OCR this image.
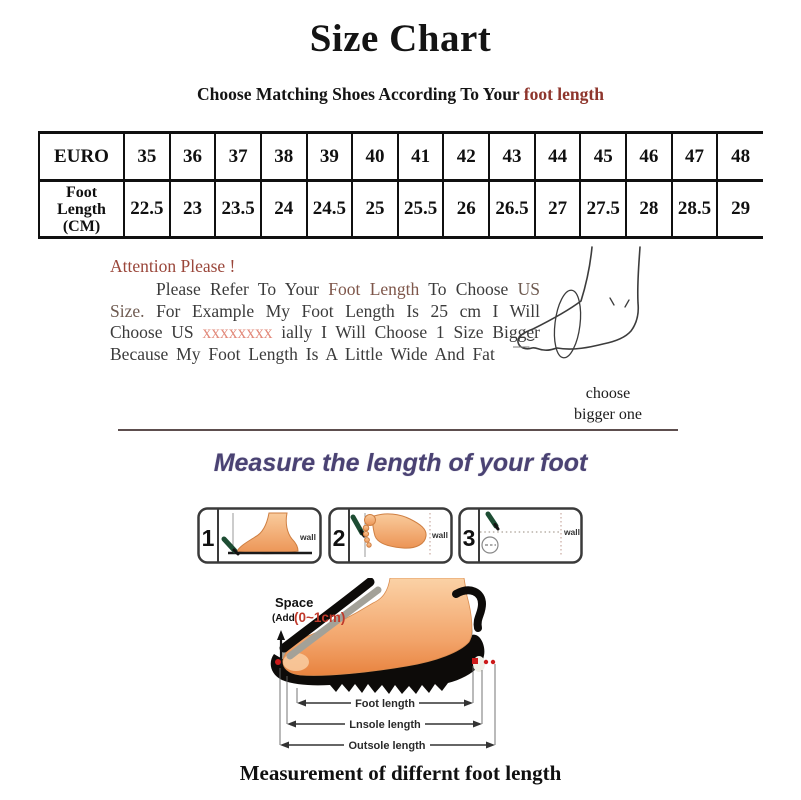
Size Chart
Choose Matching Shoes According To Your foot length
EURO	35	36	37	38	39	40	41	42	43	44	45	46	47	48

Foot
Length
(CM)	22.5	23	23.5	24	24.5	25	25.5	26	26.5	27	27.5	28	28.5	29

Attention Please !

Please Refer To Your Foot Length To Choose US Size. For Example My Foot Length Is 25 cm I Will Choose US xxxxxxxx ially I Will Choose 1 Size Bigger Because My Foot Length Is A Little Wide And Fat

choose
bigger one
Measure the length of your foot
1	wall 2	wall 3	wall
Space
(Add (0~1cm)
Foot length
Lnsole length
Outsole length
Measurement of differnt foot length
